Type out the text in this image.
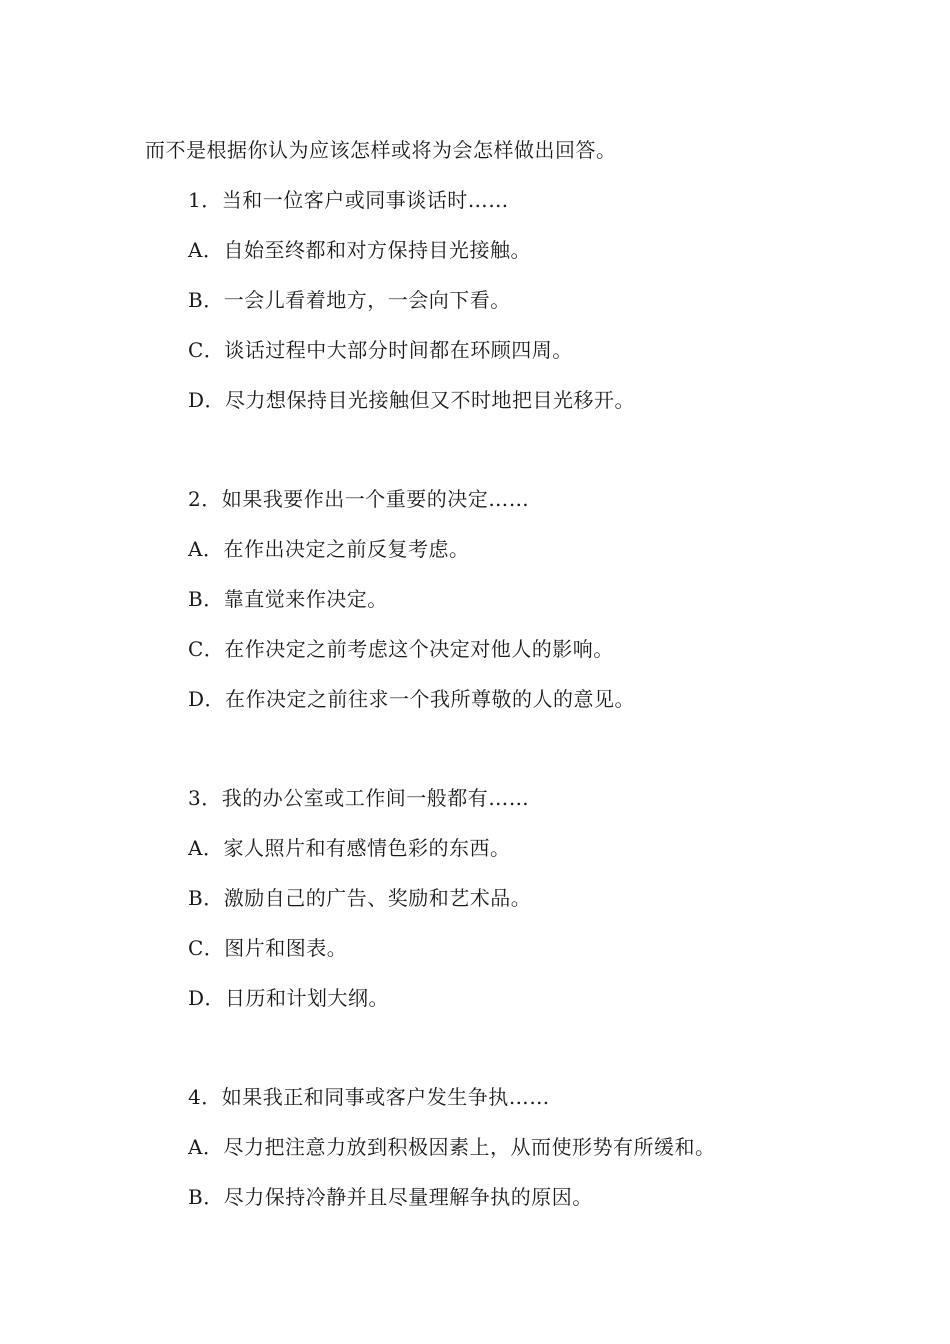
而不是根据你认为应该怎样或将为会怎样做出回答。
1．当和一位客户或同事谈话时……
A．自始至终都和对方保持目光接触。
B．一会儿看着地方，一会向下看。
C．谈话过程中大部分时间都在环顾四周。
D．尽力想保持目光接触但又不时地把目光移开。
2．如果我要作出一个重要的决定……
A．在作出决定之前反复考虑。
B．靠直觉来作决定。
C．在作决定之前考虑这个决定对他人的影响。
D．在作决定之前往求一个我所尊敬的人的意见。
3．我的办公室或工作间一般都有……
A．家人照片和有感情色彩的东西。
B．激励自己的广告、奖励和艺术品。
C．图片和图表。
D．日历和计划大纲。
4．如果我正和同事或客户发生争执……
A．尽力把注意力放到积极因素上，从而使形势有所缓和。
B．尽力保持冷静并且尽量理解争执的原因。
